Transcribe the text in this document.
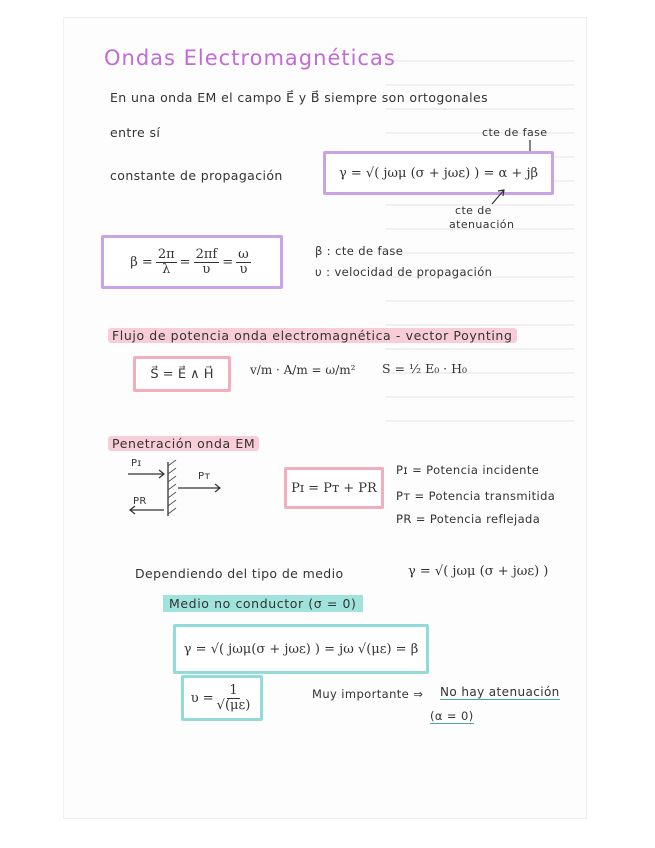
Ondas Electromagnéticas
En una onda EM el campo E⃗ y B⃗ siempre son ortogonales
entre sí	cte de fase
constante de propagación	γ = √( jωμ (σ + jωε) ) = α + jβ
cte de
atenuación
$\beta = \frac{2\pi}{\lambda} = \frac{2\pi f}{\upsilon} = \frac{\omega}{\upsilon}$	β : cte de fase
υ : velocidad de propagación
Flujo de potencia onda electromagnética - vector Poynting
S⃗ = E⃗ ∧ H⃗	v/m · A/m = ω/m² S = ½ E₀ · H₀
Penetración onda EM
Pɪ
Pт
PR
Pɪ = Pт + PR
Pɪ = Potencia incidente
Pт = Potencia transmitida
PR = Potencia reflejada
Dependiendo del tipo de medio	γ = √( jωμ (σ + jωε) )
Medio no conductor (σ = 0)
γ = √( jωμ(σ + jωε) ) = jω √(με) = β
$\upsilon = \frac{1}{√(\mu\varepsilon)}$	Muy importante ⇒ No hay atenuación
(α = 0)
